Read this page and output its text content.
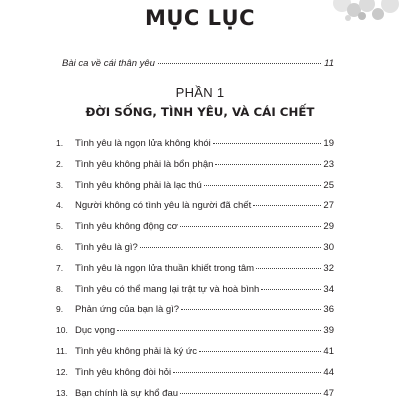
MỤC LỤC
Bài ca về cái thân yêu	11
PHẦN 1
ĐỜI SỐNG, TÌNH YÊU, VÀ CÁI CHẾT
1.	Tình yêu là ngọn lửa không khói	19
2.	Tình yêu không phải là bổn phận	23
3.	Tình yêu không phải là lạc thú	25
4.	Người không có tình yêu là người đã chết	27
5.	Tình yêu không động cơ	29
6.	Tình yêu là gì?	30
7.	Tình yêu là ngọn lửa thuần khiết trong tâm	32
8.	Tình yêu có thể mang lại trật tự và hoà bình	34
9.	Phản ứng của bạn là gì?	36
10. Dục vọng	39
11. Tình yêu không phải là ký ức	41
12. Tình yêu không đòi hỏi	44
13. Bạn chính là sự khổ đau	47
